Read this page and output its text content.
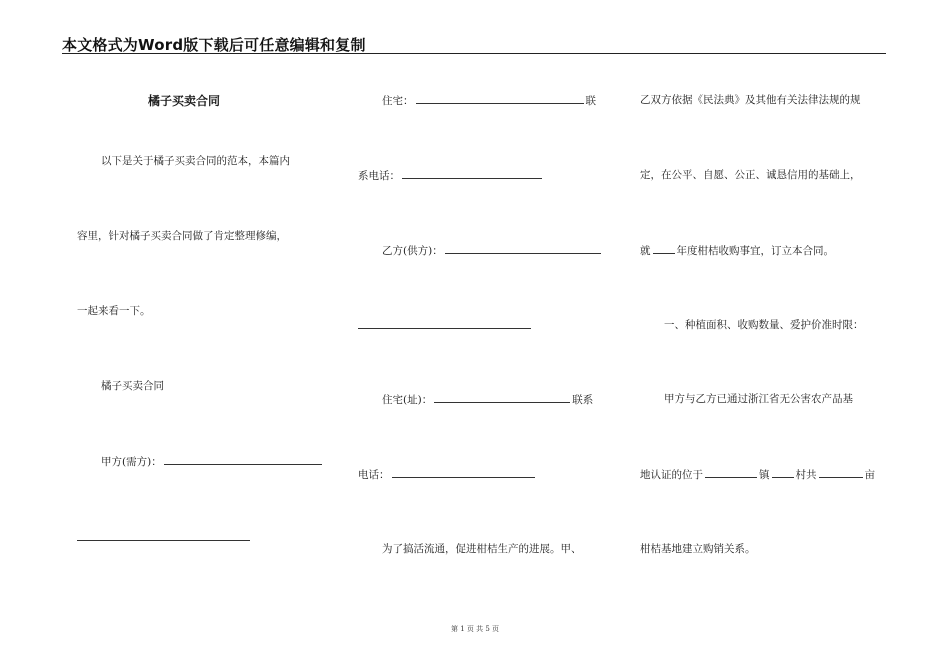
本文格式为Word版下载后可任意编辑和复制
橘子买卖合同
以下是关于橘子买卖合同的范本，本篇内
容里，针对橘子买卖合同做了肯定整理修编，
一起来看一下。
橘子买卖合同
甲方(需方)：
住宅：	联
系电话：
乙方(供方)：
住宅(址)：	联系
电话：
为了搞活流通，促进柑桔生产的进展。甲、
乙双方依据《民法典》及其他有关法律法规的规
定，在公平、自愿、公正、诚恳信用的基础上，
就 年度柑桔收购事宜，订立本合同。
一、种植面积、收购数量、爱护价准时限：
甲方与乙方已通过浙江省无公害农产品基
地认证的位于	镇 村共	亩
柑桔基地建立购销关系。
第 1 页 共 5 页
